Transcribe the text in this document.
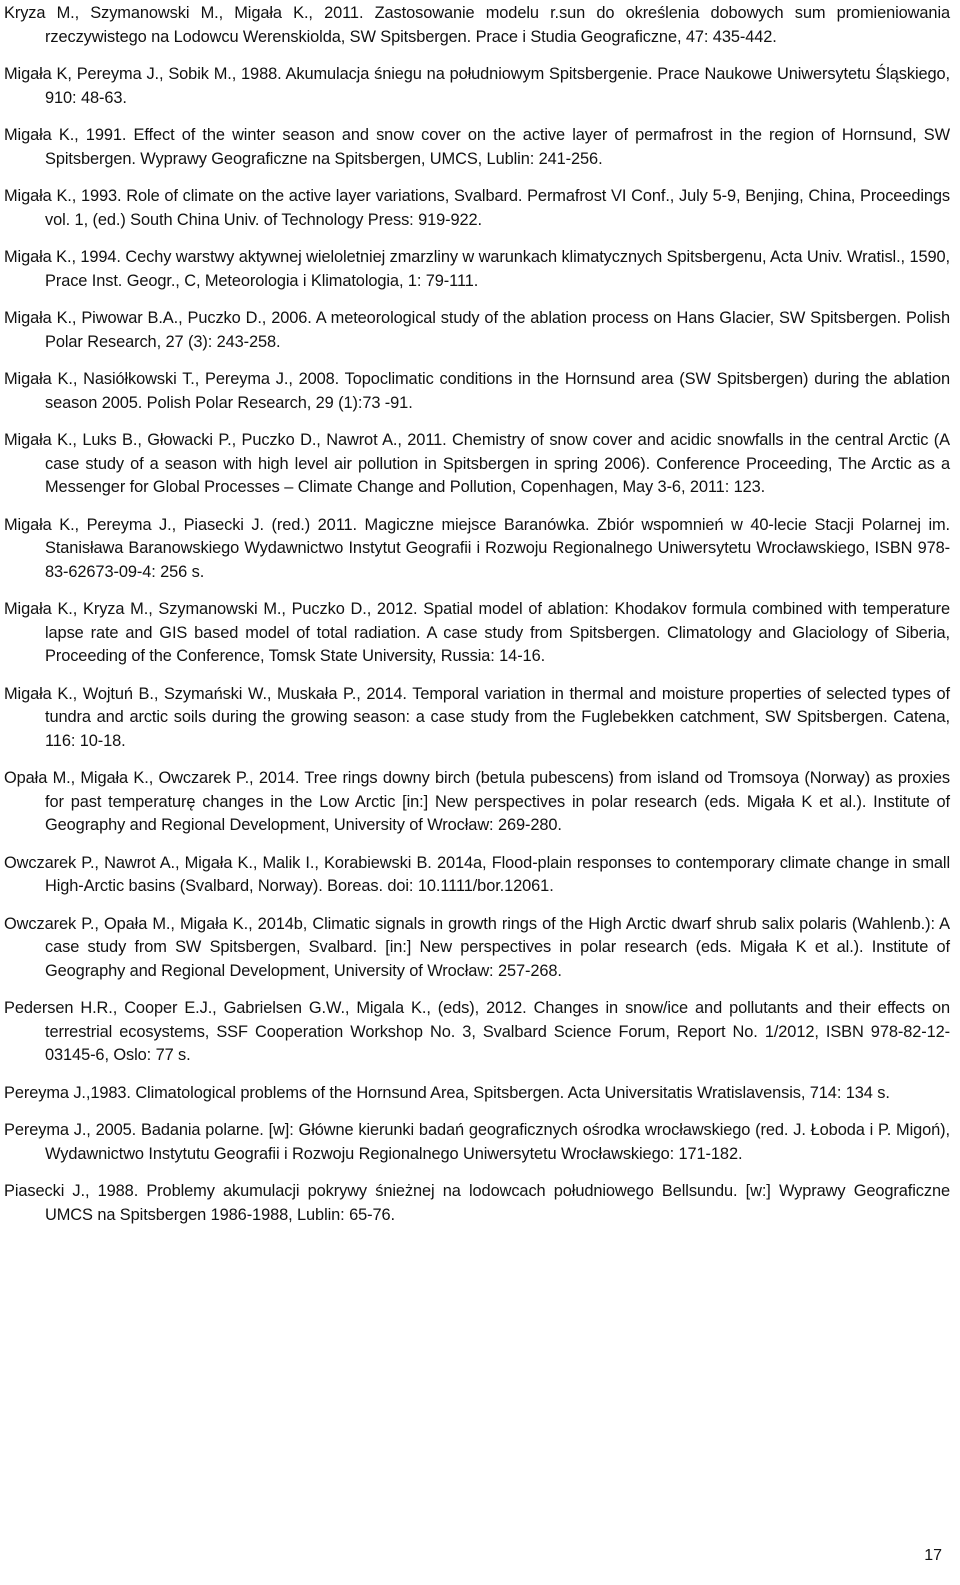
Kryza M., Szymanowski M., Migała K., 2011. Zastosowanie modelu r.sun do określenia dobowych sum promieniowania rzeczywistego na Lodowcu Werenskiolda, SW Spitsbergen. Prace i Studia Geograficzne, 47: 435-442.

Migała K, Pereyma J., Sobik M., 1988. Akumulacja śniegu na południowym Spitsbergenie. Prace Naukowe Uniwersytetu Śląskiego, 910: 48-63.

Migała K., 1991. Effect of the winter season and snow cover on the active layer of permafrost in the region of Hornsund, SW Spitsbergen. Wyprawy Geograficzne na Spitsbergen, UMCS, Lublin: 241-256.

Migała K., 1993. Role of climate on the active layer variations, Svalbard. Permafrost VI Conf., July 5-9, Benjing, China, Proceedings vol. 1, (ed.) South China Univ. of Technology Press: 919-922.

Migała K., 1994. Cechy warstwy aktywnej wieloletniej zmarzliny w warunkach klimatycznych Spitsbergenu, Acta Univ. Wratisl., 1590, Prace Inst. Geogr., C, Meteorologia i Klimatologia, 1: 79-111.

Migała K., Piwowar B.A., Puczko D., 2006. A meteorological study of the ablation process on Hans Glacier, SW Spitsbergen. Polish Polar Research, 27 (3): 243-258.

Migała K., Nasiółkowski T., Pereyma J., 2008. Topoclimatic conditions in the Hornsund area (SW Spitsbergen) during the ablation season 2005. Polish Polar Research, 29 (1):73 -91.

Migała K., Luks B., Głowacki P., Puczko D., Nawrot A., 2011. Chemistry of snow cover and acidic snowfalls in the central Arctic (A case study of a season with high level air pollution in Spitsbergen in spring 2006). Conference Proceeding, The Arctic as a Messenger for Global Processes – Climate Change and Pollution, Copenhagen, May 3-6, 2011: 123.

Migała K., Pereyma J., Piasecki J. (red.) 2011. Magiczne miejsce Baranówka. Zbiór wspomnień w 40-lecie Stacji Polarnej im. Stanisława Baranowskiego Wydawnictwo Instytut Geografii i Rozwoju Regionalnego Uniwersytetu Wrocławskiego, ISBN 978-83-62673-09-4: 256 s.

Migała K., Kryza M., Szymanowski M., Puczko D., 2012. Spatial model of ablation: Khodakov formula combined with temperature lapse rate and GIS based model of total radiation. A case study from Spitsbergen. Climatology and Glaciology of Siberia, Proceeding of the Conference, Tomsk State University, Russia: 14-16.

Migała K., Wojtuń B., Szymański W., Muskała P., 2014. Temporal variation in thermal and moisture properties of selected types of tundra and arctic soils during the growing season: a case study from the Fuglebekken catchment, SW Spitsbergen. Catena, 116: 10-18.

Opała M., Migała K., Owczarek P., 2014. Tree rings downy birch (betula pubescens) from island od Tromsoya (Norway) as proxies for past temperaturę changes in the Low Arctic [in:] New perspectives in polar research (eds. Migała K et al.). Institute of Geography and Regional Development, University of Wrocław: 269-280.

Owczarek P., Nawrot A., Migała K., Malik I., Korabiewski B. 2014a, Flood-plain responses to contemporary climate change in small High-Arctic basins (Svalbard, Norway). Boreas. doi: 10.1111/bor.12061.

Owczarek P., Opała M., Migała K., 2014b, Climatic signals in growth rings of the High Arctic dwarf shrub salix polaris (Wahlenb.): A case study from SW Spitsbergen, Svalbard. [in:] New perspectives in polar research (eds. Migała K et al.). Institute of Geography and Regional Development, University of Wrocław: 257-268.

Pedersen H.R., Cooper E.J., Gabrielsen G.W., Migala K., (eds), 2012. Changes in snow/ice and pollutants and their effects on terrestrial ecosystems, SSF Cooperation Workshop No. 3, Svalbard Science Forum, Report No. 1/2012, ISBN 978-82-12-03145-6, Oslo: 77 s.

Pereyma J.,1983. Climatological problems of the Hornsund Area, Spitsbergen. Acta Universitatis Wratislavensis, 714: 134 s.

Pereyma J., 2005. Badania polarne. [w]: Główne kierunki badań geograficznych ośrodka wrocławskiego (red. J. Łoboda i P. Migoń), Wydawnictwo Instytutu Geografii i Rozwoju Regionalnego Uniwersytetu Wrocławskiego: 171-182.

Piasecki J., 1988. Problemy akumulacji pokrywy śnieżnej na lodowcach południowego Bellsundu. [w:] Wyprawy Geograficzne UMCS na Spitsbergen 1986-1988, Lublin: 65-76.

17
